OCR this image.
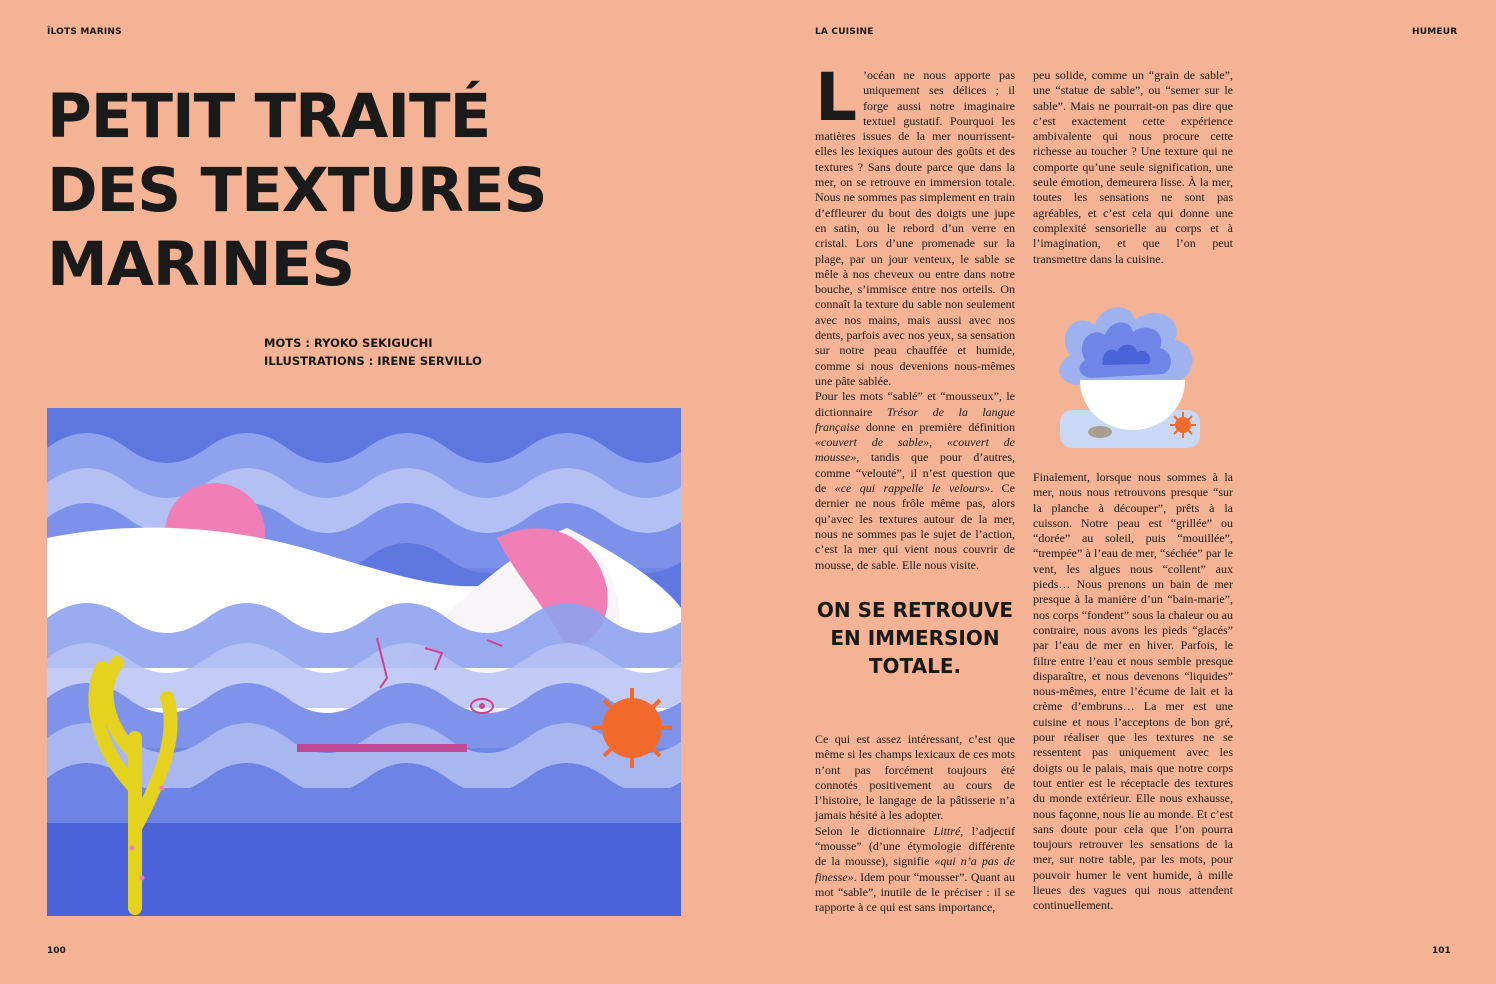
ÎLOTS MARINS	LA CUISINE	HUMEUR
PETIT TRAITÉ
DES TEXTURES
MARINES
MOTS : RYOKO SEKIGUCHI
ILLUSTRATIONS : IRENE SERVILLO
L ’océan ne nous apporte pas uniquement ses délices ; il forge aussi notre imaginaire textuel gustatif. Pourquoi les matières issues de la mer nourrissent-elles les lexiques autour des goûts et des textures ? Sans doute parce que dans la mer, on se retrouve en immersion totale. Nous ne sommes pas simplement en train d’effleurer du bout des doigts une jupe en satin, ou le rebord d’un verre en cristal. Lors d’une promenade sur la plage, par un jour venteux, le sable se mêle à nos cheveux ou entre dans notre bouche, s’immisce entre nos orteils. On connaît la texture du sable non seulement avec nos mains, mais aussi avec nos dents, parfois avec nos yeux, sa sensation sur notre peau chauffée et humide, comme si nous devenions nous-mêmes une pâte sablée.

Pour les mots “sablé” et “mousseux”, le dictionnaire Trésor de la langue française donne en première définition «couvert de sable», «couvert de mousse», tandis que pour d’autres, comme “velouté”, il n’est question que de «ce qui rappelle le velours». Ce dernier ne nous frôle même pas, alors qu’avec les textures autour de la mer, nous ne sommes pas le sujet de l’action, c’est la mer qui vient nous couvrir de mousse, de sable. Elle nous visite.

ON SE RETROUVE EN IMMERSION TOTALE.

Ce qui est assez intéressant, c’est que même si les champs lexicaux de ces mots n’ont pas forcément toujours été connotés positivement au cours de l’histoire, le langage de la pâtisserie n’a jamais hésité à les adopter.

Selon le dictionnaire Littré, l’adjectif “mousse” (d’une étymologie différente de la mousse), signifie «qui n’a pas de finesse». Idem pour “mousser”. Quant au mot “sable”, inutile de le préciser : il se rapporte à ce qui est sans importance,

peu solide, comme un “grain de sable”, une “statue de sable”, ou “semer sur le sable”. Mais ne pourrait-on pas dire que c’est exactement cette expérience ambivalente qui nous procure cette richesse au toucher ? Une texture qui ne comporte qu’une seule signification, une seule émotion, demeurera lisse. À la mer, toutes les sensations ne sont pas agréables, et c’est cela qui donne une complexité sensorielle au corps et à l’imagination, et que l’on peut transmettre dans la cuisine.

Finalement, lorsque nous sommes à la mer, nous nous retrouvons presque “sur la planche à découper”, prêts à la cuisson. Notre peau est “grillée” ou “dorée” au soleil, puis “mouillée”, “trempée” à l’eau de mer, “séchée” par le vent, les algues nous “collent” aux pieds… Nous prenons un bain de mer presque à la manière d’un “bain-marie”, nos corps “fondent” sous la chaleur ou au contraire, nous avons les pieds “glacés” par l’eau de mer en hiver. Parfois, le filtre entre l’eau et nous semble presque disparaître, et nous devenons “liquides” nous-mêmes, entre l’écume de lait et la crème d’embruns… La mer est une cuisine et nous l’acceptons de bon gré, pour réaliser que les textures ne se ressentent pas uniquement avec les doigts ou le palais, mais que notre corps tout entier est le réceptacle des textures du monde extérieur. Elle nous exhausse, nous façonne, nous lie au monde. Et c’est sans doute pour cela que l’on pourra toujours retrouver les sensations de la mer, sur notre table, par les mots, pour pouvoir humer le vent humide, à mille lieues des vagues qui nous attendent continuellement.

100	101
